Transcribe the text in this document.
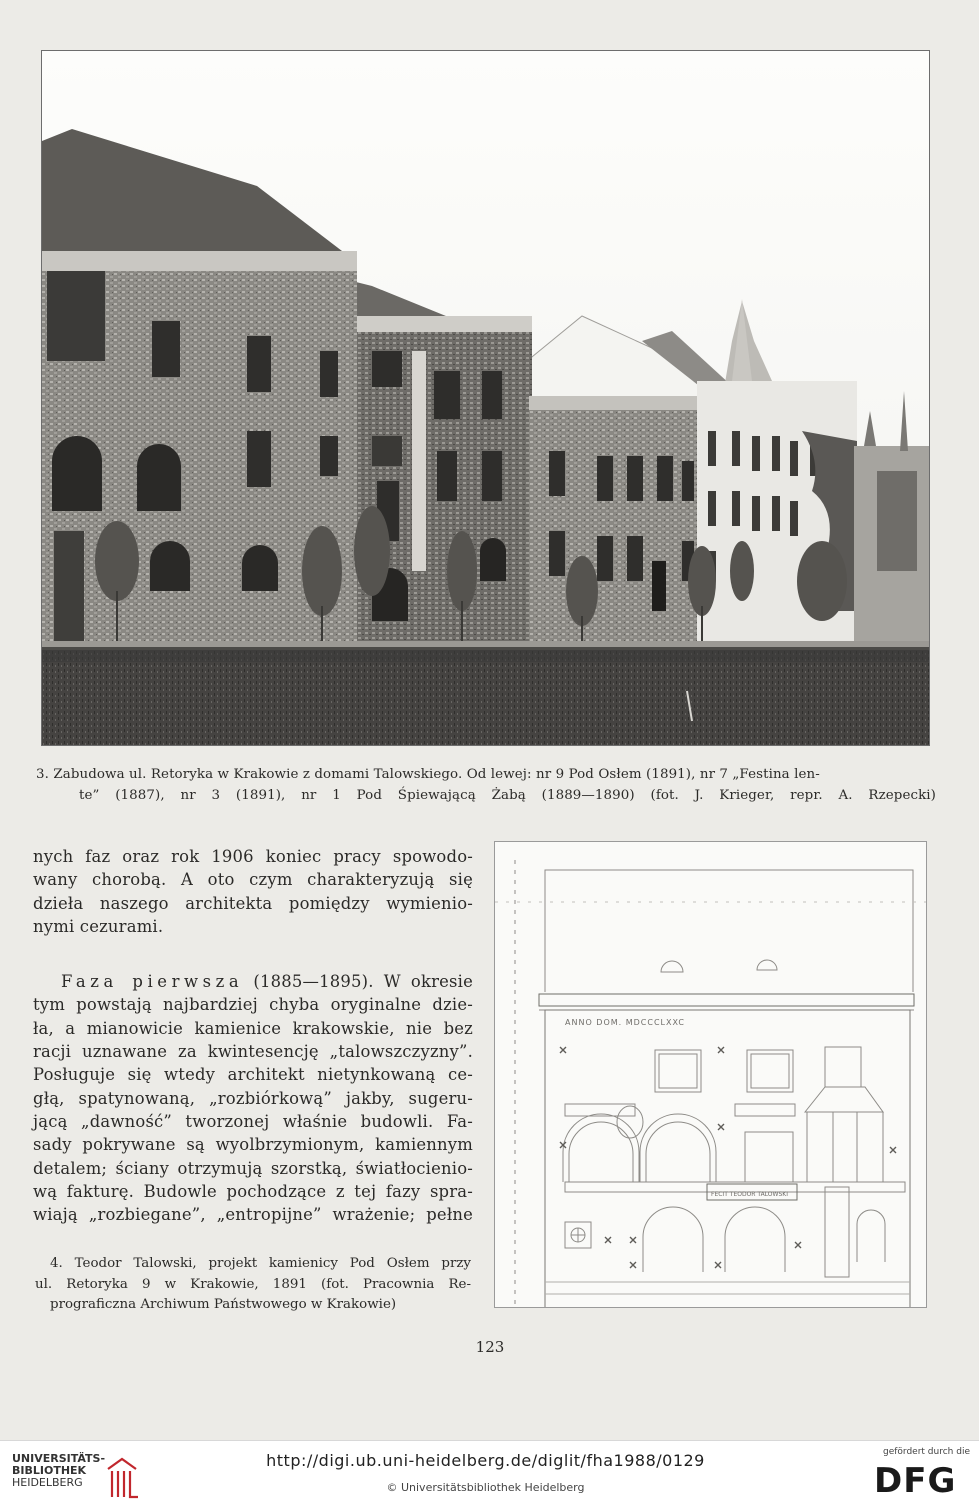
3. Zabudowa ul. Retoryka w Krakowie z domami Talowskiego. Od lewej: nr 9 Pod Osłem (1891), nr 7 „Festina len-
te” (1887), nr 3 (1891), nr 1 Pod Śpiewającą Żabą (1889—1890) (fot. J. Krieger, repr. A. Rzepecki)

nych faz oraz rok 1906 koniec pracy spowodo-
wany chorobą. A oto czym charakteryzują się
dzieła naszego architekta pomiędzy wymienio-
nymi cezurami.

Faza pierwsza (1885—1895). W okresie
tym powstają najbardziej chyba oryginalne dzie-
ła, a mianowicie kamienice krakowskie, nie bez
racji uznawane za kwintesencję „talowszczyzny”.
Posługuje się wtedy architekt nietynkowaną ce-
głą, spatynowaną, „rozbiórkową” jakby, sugeru-
jącą „dawność” tworzonej właśnie budowli. Fa-
sady pokrywane są wyolbrzymionym, kamiennym
detalem; ściany otrzymują szorstką, światłocienio-
wą fakturę. Budowle pochodzące z tej fazy spra-
wiają „rozbiegane”, „entropijne” wrażenie; pełne

ANNO DOM. MDCCCLXXC
FECIT TEODOR TALOWSKI
4. Teodor Talowski, projekt kamienicy Pod Osłem przy
ul. Retoryka 9 w Krakowie, 1891 (fot. Pracownia Re-
prograficzna Archiwum Państwowego w Krakowie)
123
UNIVERSITÄTS-
BIBLIOTHEK
HEIDELBERG
http://digi.ub.uni-heidelberg.de/diglit/fha1988/0129
© Universitätsbibliothek Heidelberg
gefördert durch die
DFG
